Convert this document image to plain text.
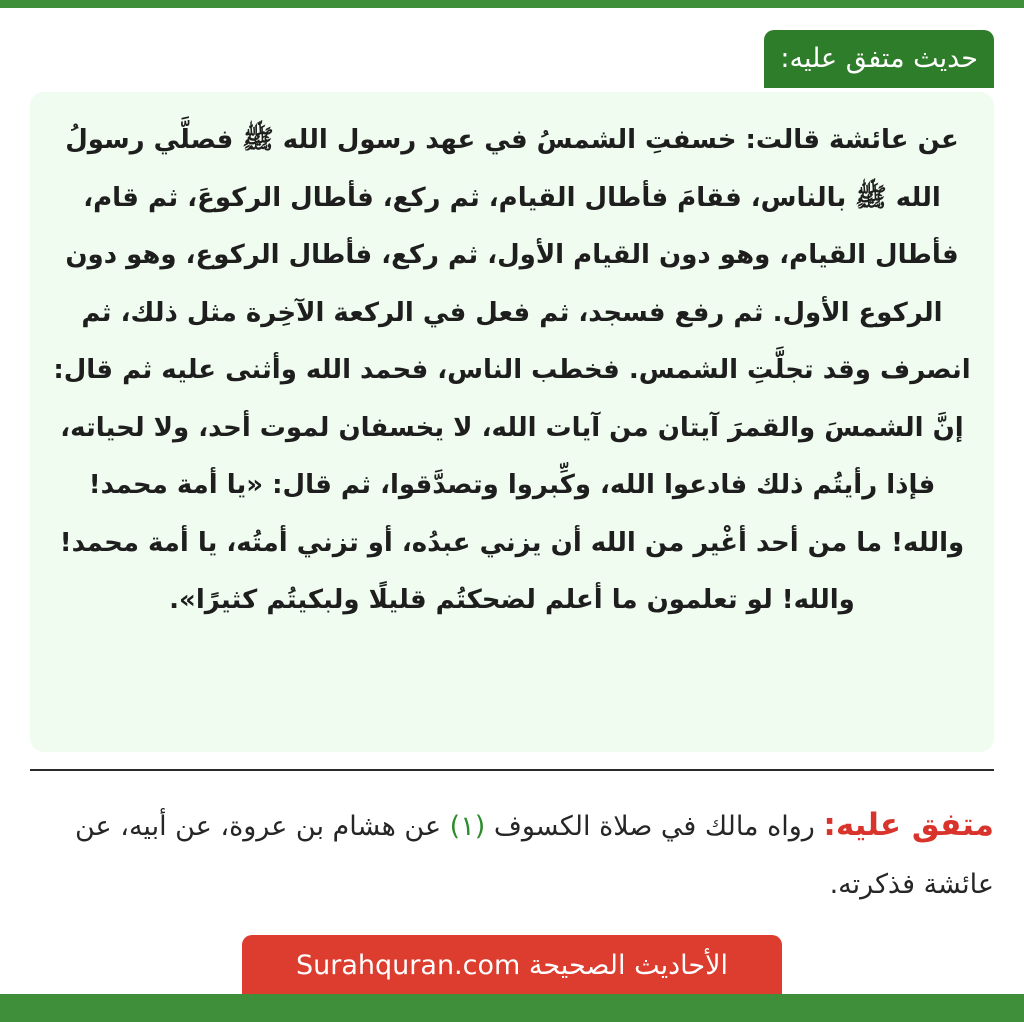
حديث متفق عليه:

عن عائشة قالت: خسفتِ الشمسُ في عهد رسول الله ﷺ فصلَّي رسولُ الله ﷺ بالناس، فقامَ فأطال القيام، ثم ركع، فأطال الركوعَ، ثم قام، فأطال القيام، وهو دون القيام الأول، ثم ركع، فأطال الركوع، وهو دون الركوع الأول. ثم رفع فسجد، ثم فعل في الركعة الآخِرة مثل ذلك، ثم انصرف وقد تجلَّتِ الشمس. فخطب الناس، فحمد الله وأثنى عليه ثم قال: إنَّ الشمسَ والقمرَ آيتان من آيات الله، لا يخسفان لموت أحد، ولا لحياته، فإذا رأيتُم ذلك فادعوا الله، وكِّبروا وتصدَّقوا، ثم قال: «يا أمة محمد! والله! ما من أحد أغْير من الله أن يزني عبدُه، أو تزني أمتُه، يا أمة محمد! والله! لو تعلمون ما أعلم لضحكتُم قليلًا ولبكيتُم كثيرًا».

متفق عليه: رواه مالك في صلاة الكسوف (١) عن هشام بن عروة، عن أبيه، عن عائشة فذكرته.

الأحاديث الصحيحة Surahquran.com
